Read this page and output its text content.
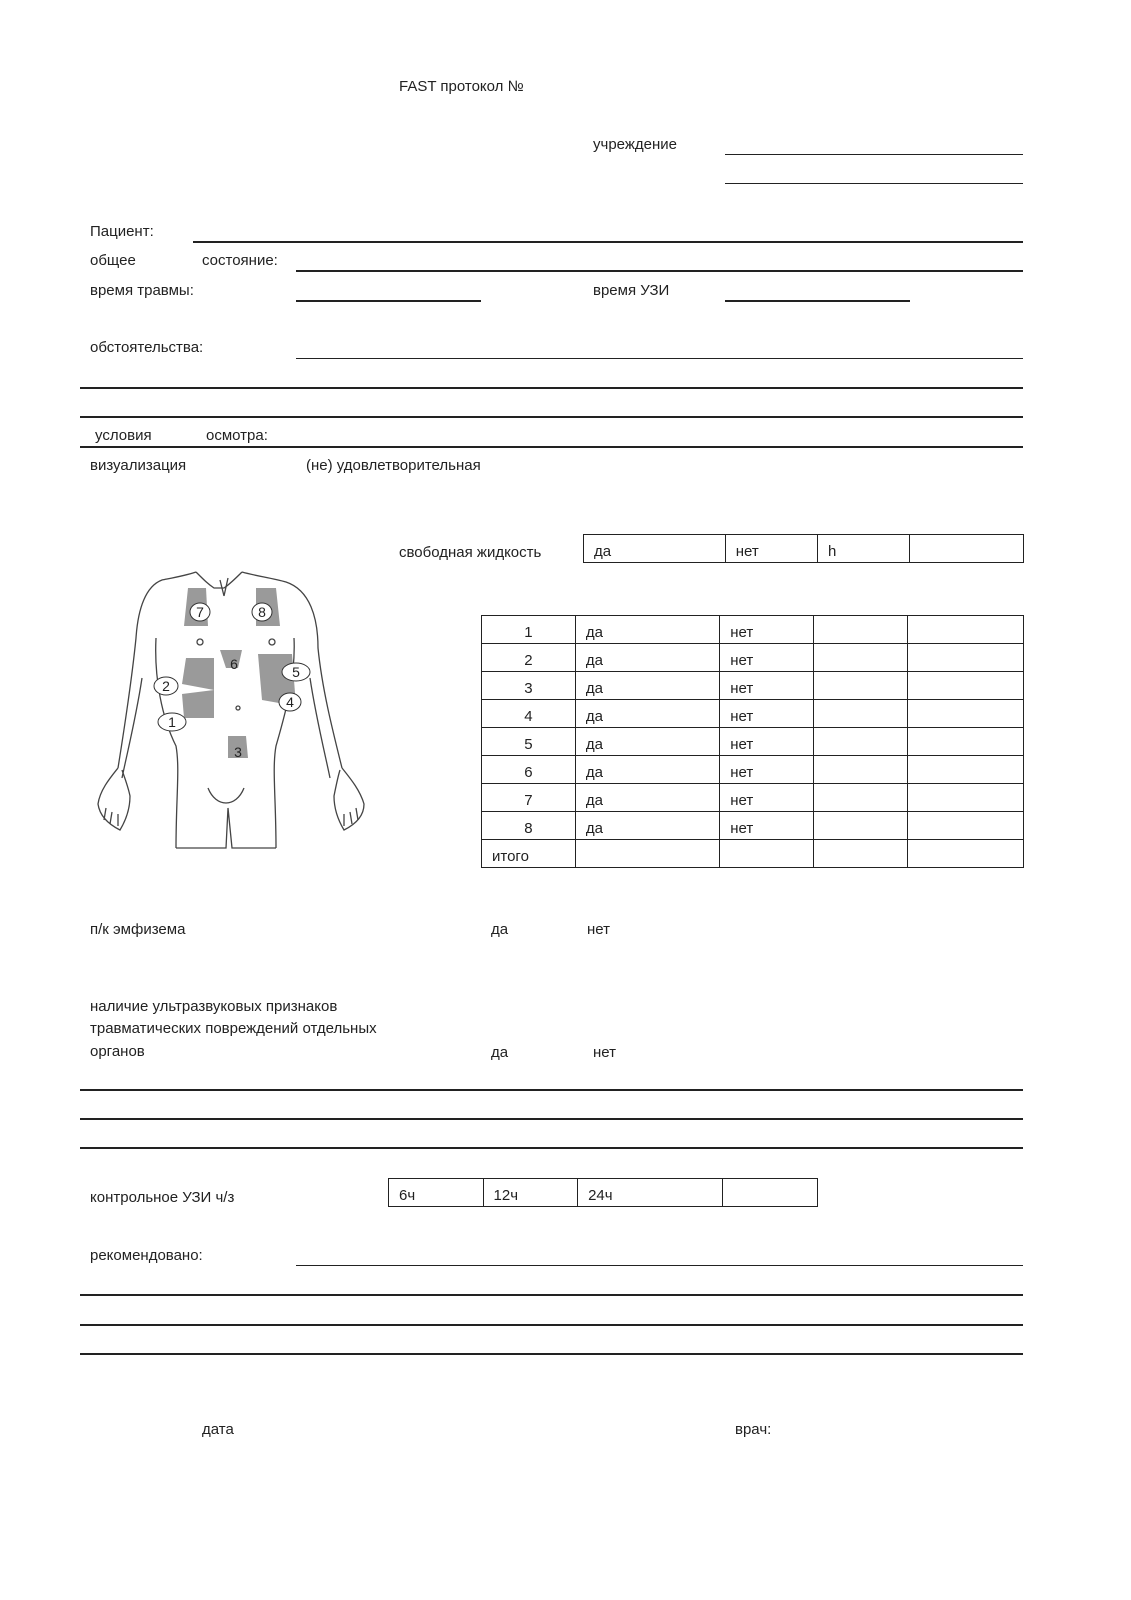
FAST протокол №
учреждение
Пациент:
общее	состояние:
время травмы:	время УЗИ
обстоятельства:
условия	осмотра:
визуализация	(не) удовлетворительная
свободная жидкость	да	нет	h	
1	да	нет		
2	да	нет		
3	да	нет		
4	да	нет		
5	да	нет		
6	да	нет		
7	да	нет		
8	да	нет		
итого				
1
2
3
4
5
6
7	8
п/к эмфизема	да	нет
наличие ультразвуковых признаков
травматических повреждений отдельных
органов	да	нет
контрольное УЗИ ч/з	6ч	12ч	24ч	
рекомендовано:
дата	врач:
